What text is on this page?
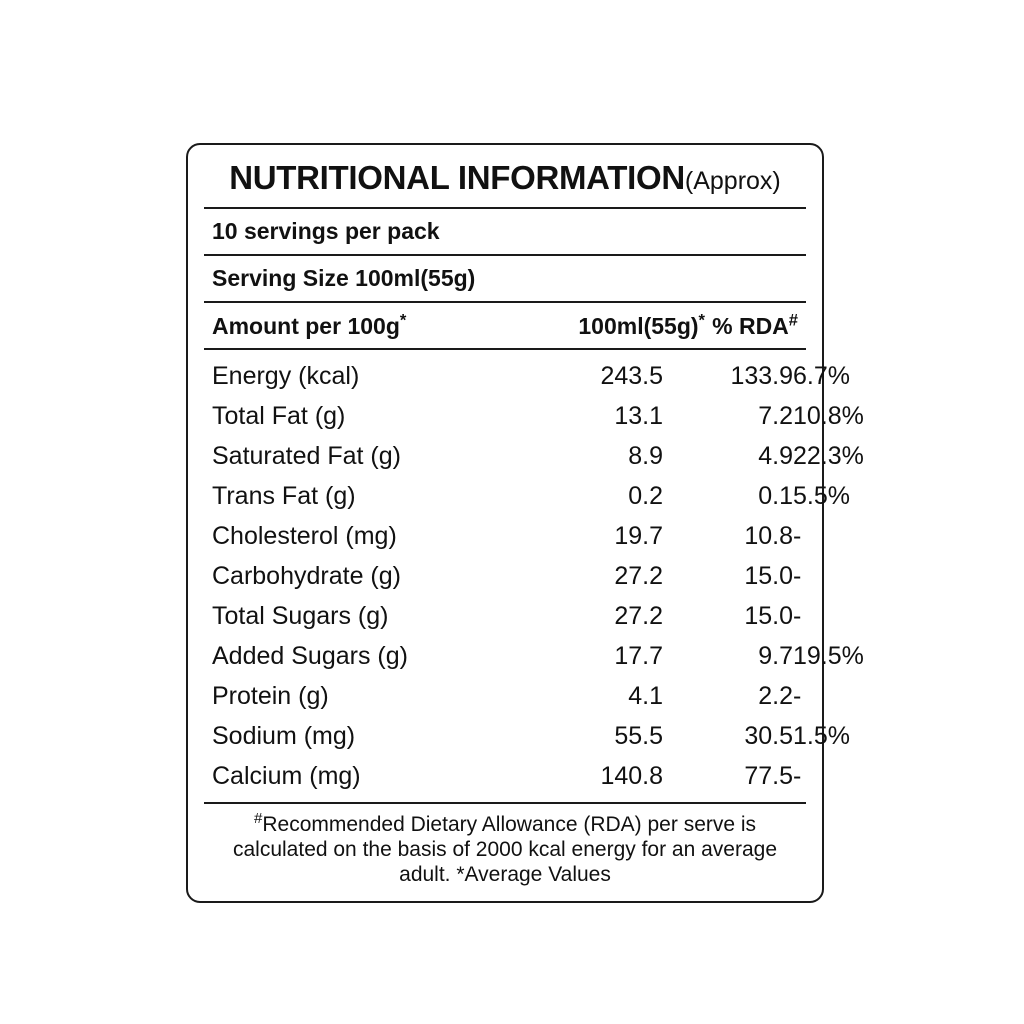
NUTRITIONAL INFORMATION (Approx)
10 servings per pack
Serving Size 100ml(55g)
Amount per 100g*	100ml(55g)* % RDA#
Energy (kcal)	243.5	133.9 6.7%
Total Fat (g)	13.1	7.2 10.8%
Saturated Fat (g)	8.9	4.9 22.3%
Trans Fat (g)	0.2	0.1 5.5%
Cholesterol (mg)	19.7	10.8 -
Carbohydrate (g)	27.2	15.0 -
Total Sugars (g)	27.2	15.0 -
Added Sugars (g)	17.7	9.7 19.5%
Protein (g)	4.1	2.2 -
Sodium (mg)	55.5	30.5 1.5%
Calcium (mg)	140.8	77.5 -
#Recommended Dietary Allowance (RDA) per serve is calculated on the basis of 2000 kcal energy for an average adult. *Average Values
